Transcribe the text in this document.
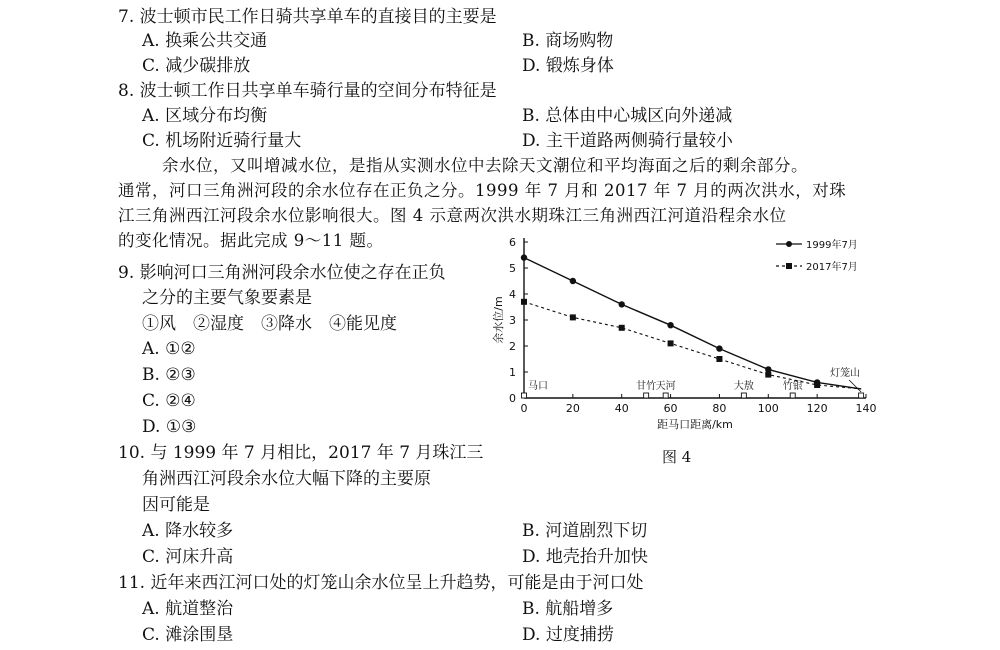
7. 波士顿市民工作日骑共享单车的直接目的主要是
A. 换乘公共交通	B. 商场购物
C. 减少碳排放	D. 锻炼身体
8. 波士顿工作日共享单车骑行量的空间分布特征是
A. 区域分布均衡	B. 总体由中心城区向外递减
C. 机场附近骑行量大	D. 主干道路两侧骑行量较小
余水位，又叫增减水位，是指从实测水位中去除天文潮位和平均海面之后的剩余部分。
通常，河口三角洲河段的余水位存在正负之分。1999 年 7 月和 2017 年 7 月的两次洪水，对珠
江三角洲西江河段余水位影响很大。图 4 示意两次洪水期珠江三角洲西江河道沿程余水位
的变化情况。据此完成 9～11 题。
9. 影响河口三角洲河段余水位使之存在正负
之分的主要气象要素是
①风　②湿度　③降水　④能见度
A. ①②
B. ②③
C. ②④
D. ①③
10. 与 1999 年 7 月相比，2017 年 7 月珠江三
角洲西江河段余水位大幅下降的主要原
因可能是
A. 降水较多	B. 河道剧烈下切
C. 河床升高	D. 地壳抬升加快
11. 近年来西江河口处的灯笼山余水位呈上升趋势，可能是由于河口处
A. 航道整治	B. 航船增多
C. 滩涂围垦	D. 过度捕捞
0	20	40	60	80	100	120	140
0
1
2
3
4
5
6
余水位/m
距马口距离/km
1999年7月
2017年7月
马口	甘竹 天河	大敖	竹银
灯笼山
图 4
